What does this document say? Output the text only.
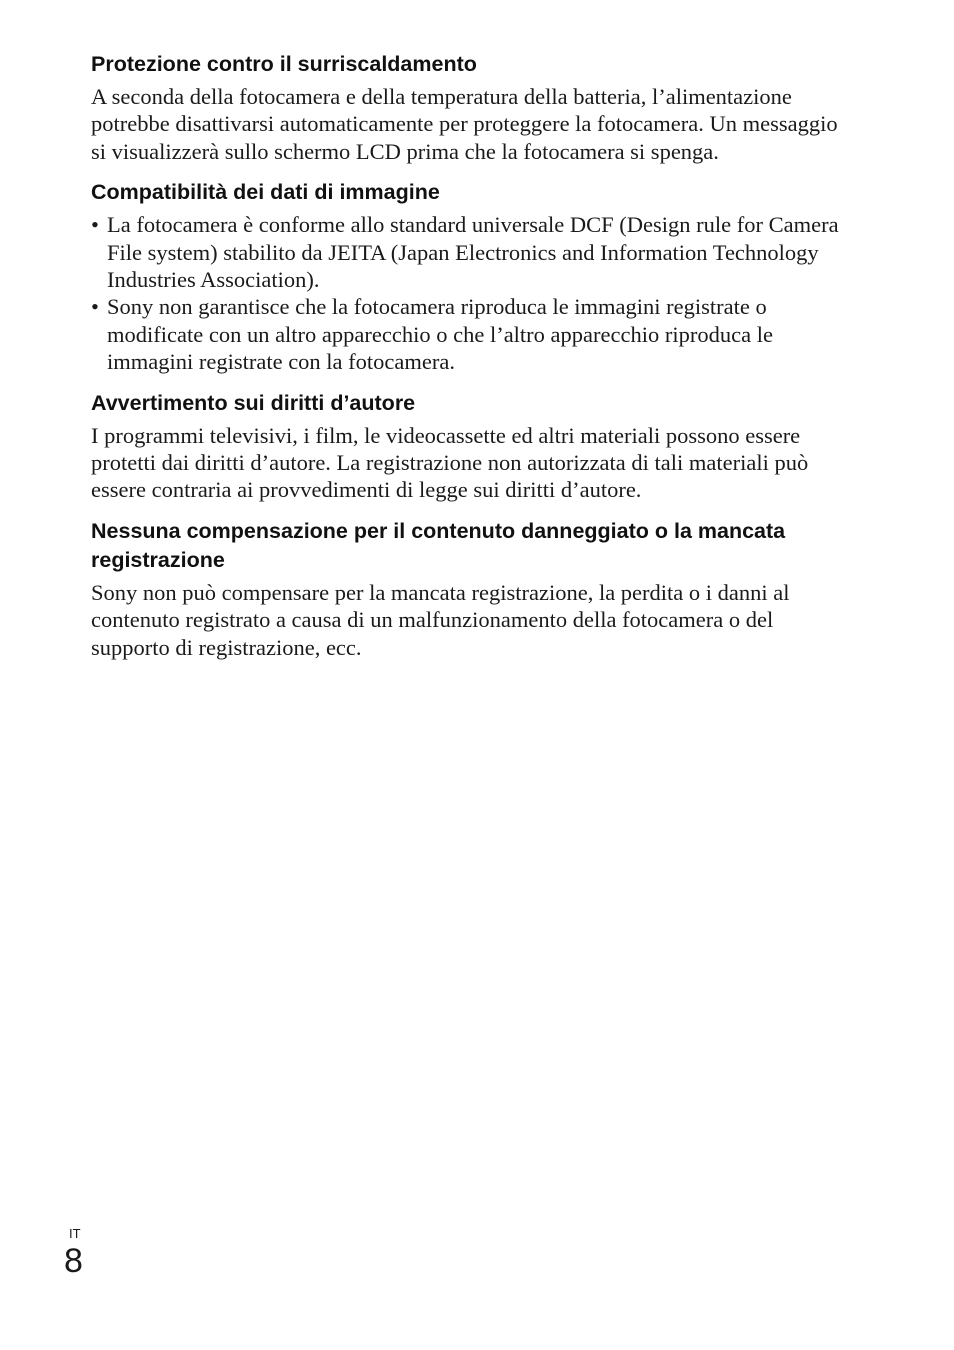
Protezione contro il surriscaldamento

A seconda della fotocamera e della temperatura della batteria, l’alimentazione potrebbe disattivarsi automaticamente per proteggere la fotocamera. Un messaggio si visualizzerà sullo schermo LCD prima che la fotocamera si spenga.

Compatibilità dei dati di immagine
• La fotocamera è conforme allo standard universale DCF (Design rule for Camera File system) stabilito da JEITA (Japan Electronics and Information Technology Industries Association).
• Sony non garantisce che la fotocamera riproduca le immagini registrate o modificate con un altro apparecchio o che l’altro apparecchio riproduca le immagini registrate con la fotocamera.
Avvertimento sui diritti d’autore

I programmi televisivi, i film, le videocassette ed altri materiali possono essere protetti dai diritti d’autore. La registrazione non autorizzata di tali materiali può essere contraria ai provvedimenti di legge sui diritti d’autore.

Nessuna compensazione per il contenuto danneggiato o la mancata registrazione

Sony non può compensare per la mancata registrazione, la perdita o i danni al contenuto registrato a causa di un malfunzionamento della fotocamera o del supporto di registrazione, ecc.

IT
8
